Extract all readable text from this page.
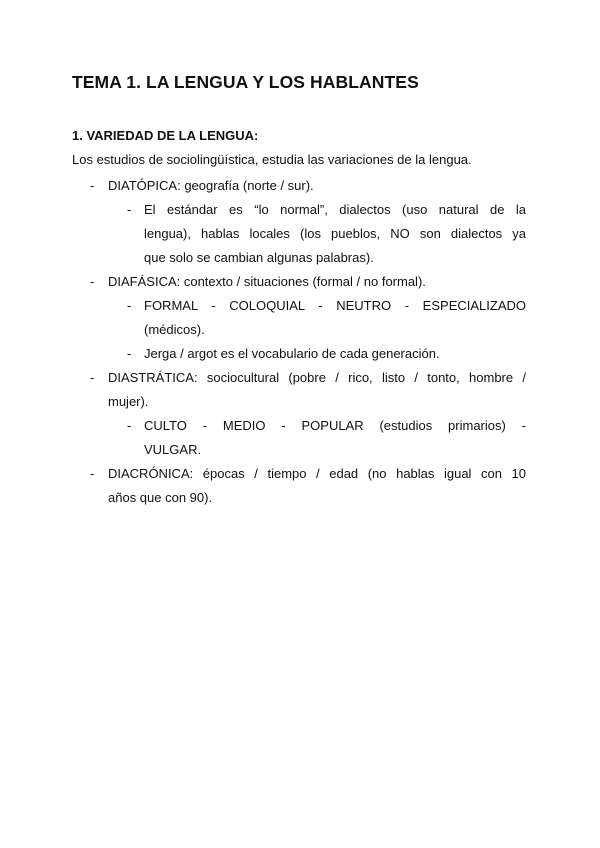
TEMA 1. LA LENGUA Y LOS HABLANTES
1. VARIEDAD DE LA LENGUA:

Los estudios de sociolingüística, estudia las variaciones de la lengua.

- DIATÓPICA: geografía (norte / sur).

- El estándar es “lo normal”, dialectos (uso natural de la

lengua), hablas locales (los pueblos, NO son dialectos ya

que solo se cambian algunas palabras).

- DIAFÁSICA: contexto / situaciones (formal / no formal).

- FORMAL - COLOQUIAL - NEUTRO - ESPECIALIZADO

(médicos).

- Jerga / argot es el vocabulario de cada generación.

- DIASTRÁTICA: sociocultural (pobre / rico, listo / tonto, hombre /

mujer).

- CULTO - MEDIO - POPULAR (estudios primarios) -

VULGAR.

- DIACRÓNICA: épocas / tiempo / edad (no hablas igual con 10

años que con 90).
